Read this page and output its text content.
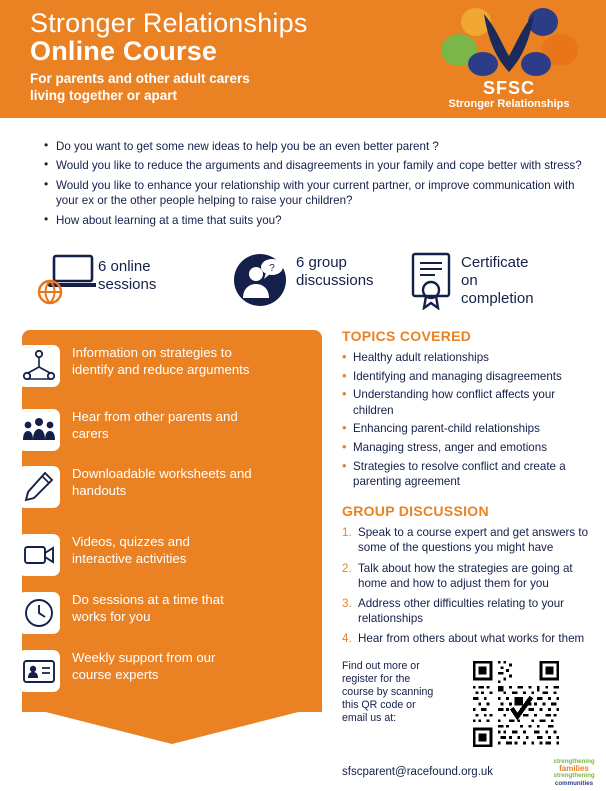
Stronger Relationships
Online Course
For parents and other adult carers
living together or apart	SFSC
Stronger Relationships
• Do you want to get some new ideas to help you be an even better parent ?
• Would you like to reduce the arguments and disagreements in your family and cope better with stress?
• Would you like to enhance your relationship with your current partner, or improve communication with your ex or the other people helping to raise your children?
• How about learning at a time that suits you?
6 online
sessions
? 6 group
discussions
Certificate on
completion
Information on strategies to identify and reduce arguments
Hear from other parents and carers
Downloadable worksheets and handouts
Videos, quizzes and interactive activities
Do sessions at a time that works for you
Weekly support from our course experts
TOPICS COVERED
• Healthy adult relationships
• Identifying and managing disagreements
• Understanding how conflict affects your children
• Enhancing parent-child relationships
• Managing stress, anger and emotions
• Strategies to resolve conflict and create a parenting agreement
GROUP DISCUSSION
Speak to a course expert and get answers to some of the questions you might have
Talk about how the strategies are going at home and how to adjust them for you
Address other difficulties relating to your relationships
Hear from others about what works for them
Find out more or register for the course by scanning this QR code or email us at:
sfscparent@racefound.org.uk
strengthening
families
strengthening
communities
